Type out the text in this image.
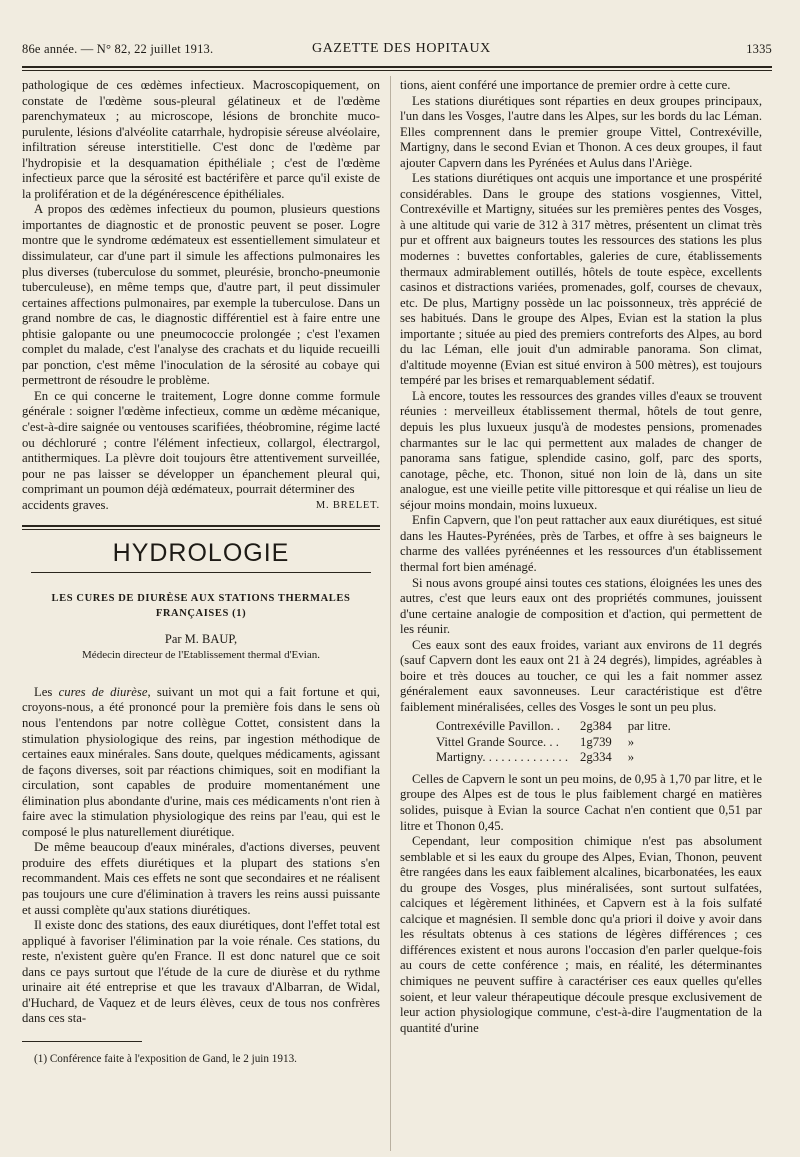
86e année. — N° 82, 22 juillet 1913.	GAZETTE DES HOPITAUX	1335

pathologique de ces œdèmes infectieux. Macroscopiquement, on constate de l'œdème sous-pleural gélatineux et de l'œdème parenchymateux ; au microscope, lésions de bronchite muco-purulente, lésions d'alvéolite catarrhale, hydropisie séreuse alvéolaire, infiltration séreuse interstitielle. C'est donc de l'œdème par l'hydropisie et la desquamation épithéliale ; c'est de l'œdème infectieux parce que la sérosité est bactérifère et parce qu'il existe de la prolifération et de la dégénérescence épithéliales.

A propos des œdèmes infectieux du poumon, plusieurs questions importantes de diagnostic et de pronostic peuvent se poser. Logre montre que le syndrome œdémateux est essentiellement simulateur et dissimulateur, car d'une part il simule les affections pulmonaires les plus diverses (tuberculose du sommet, pleurésie, broncho-pneumonie tuberculeuse), en même temps que, d'autre part, il peut dissimuler certaines affections pulmonaires, par exemple la tuberculose. Dans un grand nombre de cas, le diagnostic différentiel est à faire entre une phtisie galopante ou une pneumococcie prolongée ; c'est l'examen complet du malade, c'est l'analyse des crachats et du liquide recueilli par ponction, c'est même l'inoculation de la sérosité au cobaye qui permettront de résoudre le problème.

En ce qui concerne le traitement, Logre donne comme formule générale : soigner l'œdème infectieux, comme un œdème mécanique, c'est-à-dire saignée ou ventouses scarifiées, théobromine, régime lacté ou déchloruré ; contre l'élément infectieux, collargol, électrargol, antithermiques. La plèvre doit toujours être attentivement surveillée, pour ne pas laisser se développer un épanchement pleural qui, comprimant un poumon déjà œdémateux, pourrait déterminer des

accidents graves.	M. BRELET.
HYDROLOGIE
LES CURES DE DIURÈSE AUX STATIONS THERMALES
FRANÇAISES (1)
Par M. BAUP,
Médecin directeur de l'Etablissement thermal d'Evian.

Les cures de diurèse, suivant un mot qui a fait fortune et qui, croyons-nous, a été prononcé pour la première fois dans le sens où nous l'entendons par notre collègue Cottet, consistent dans la stimulation physiologique des reins, par ingestion méthodique de certaines eaux minérales. Sans doute, quelques médicaments, agissant de façons diverses, soit par réactions chimiques, soit en modifiant la circulation, sont capables de produire momentanément une élimination plus abondante d'urine, mais ces médicaments n'ont rien à faire avec la stimulation physiologique des reins par l'eau, qui est le composé le plus naturellement diurétique.

De même beaucoup d'eaux minérales, d'actions diverses, peuvent produire des effets diurétiques et la plupart des stations s'en recommandent. Mais ces effets ne sont que secondaires et ne réalisent pas toujours une cure d'élimination à travers les reins aussi puissante et aussi complète qu'aux stations diurétiques.

Il existe donc des stations, des eaux diurétiques, dont l'effet total est appliqué à favoriser l'élimination par la voie rénale. Ces stations, du reste, n'existent guère qu'en France. Il est donc naturel que ce soit dans ce pays surtout que l'étude de la cure de diurèse et du rythme urinaire ait été entreprise et que les travaux d'Albarran, de Widal, d'Huchard, de Vaquez et de leurs élèves, ceux de tous nos confrères dans ces sta-

(1) Conférence faite à l'exposition de Gand, le 2 juin 1913.

tions, aient conféré une importance de premier ordre à cette cure.

Les stations diurétiques sont réparties en deux groupes principaux, l'un dans les Vosges, l'autre dans les Alpes, sur les bords du lac Léman. Elles comprennent dans le premier groupe Vittel, Contrexéville, Martigny, dans le second Evian et Thonon. A ces deux groupes, il faut ajouter Capvern dans les Pyrénées et Aulus dans l'Ariège.

Les stations diurétiques ont acquis une importance et une prospérité considérables. Dans le groupe des stations vosgiennes, Vittel, Contrexéville et Martigny, situées sur les premières pentes des Vosges, à une altitude qui varie de 312 à 317 mètres, présentent un climat très pur et offrent aux baigneurs toutes les ressources des stations les plus modernes : buvettes confortables, galeries de cure, établissements thermaux admirablement outillés, hôtels de toute espèce, excellents casinos et distractions variées, promenades, golf, courses de chevaux, etc. De plus, Martigny possède un lac poissonneux, très apprécié de ses habitués. Dans le groupe des Alpes, Evian est la station la plus importante ; située au pied des premiers contreforts des Alpes, au bord du lac Léman, elle jouit d'un admirable panorama. Son climat, d'altitude moyenne (Evian est situé environ à 500 mètres), est toujours tempéré par les brises et remarquablement sédatif.

Là encore, toutes les ressources des grandes villes d'eaux se trouvent réunies : merveilleux établissement thermal, hôtels de tout genre, depuis les plus luxueux jusqu'à de modestes pensions, promenades charmantes sur le lac qui permettent aux malades de changer de panorama sans fatigue, splendide casino, golf, parc des sports, canotage, pêche, etc. Thonon, situé non loin de là, dans un site analogue, est une vieille petite ville pittoresque et qui réalise un lieu de séjour moins mondain, moins luxueux.

Enfin Capvern, que l'on peut rattacher aux eaux diurétiques, est situé dans les Hautes-Pyrénées, près de Tarbes, et offre à ses baigneurs le charme des vallées pyrénéennes et les ressources d'un établissement thermal fort bien aménagé.

Si nous avons groupé ainsi toutes ces stations, éloignées les unes des autres, c'est que leurs eaux ont des propriétés communes, jouissent d'une certaine analogie de composition et d'action, qui permettent de les réunir.

Ces eaux sont des eaux froides, variant aux environs de 11 degrés (sauf Capvern dont les eaux ont 21 à 24 degrés), limpides, agréables à boire et très douces au toucher, ce qui les a fait nommer assez généralement eaux savonneuses. Leur caractéristique est d'être faiblement minéralisées, celles des Vosges le sont un peu plus.

Contrexéville Pavillon. .	2g384	par litre.
Vittel Grande Source. . .	1g739	»
Martigny. . . . . . . . . . . . . .	2g334	»

Celles de Capvern le sont un peu moins, de 0,95 à 1,70 par litre, et le groupe des Alpes est de tous le plus faiblement chargé en matières solides, puisque à Evian la source Cachat n'en contient que 0,51 par litre et Thonon 0,45.

Cependant, leur composition chimique n'est pas absolument semblable et si les eaux du groupe des Alpes, Evian, Thonon, peuvent être rangées dans les eaux faiblement alcalines, bicarbonatées, les eaux du groupe des Vosges, plus minéralisées, sont surtout sulfatées, calciques et légèrement lithinées, et Capvern est à la fois sulfaté calcique et magnésien. Il semble donc qu'a priori il doive y avoir dans les résultats obtenus à ces stations de légères différences ; ces différences existent et nous aurons l'occasion d'en parler quelque-fois au cours de cette conférence ; mais, en réalité, les déterminantes chimiques ne peuvent suffire à caractériser ces eaux quelles qu'elles soient, et leur valeur thérapeutique découle presque exclusivement de leur action physiologique commune, c'est-à-dire l'augmentation de la quantité d'urine
